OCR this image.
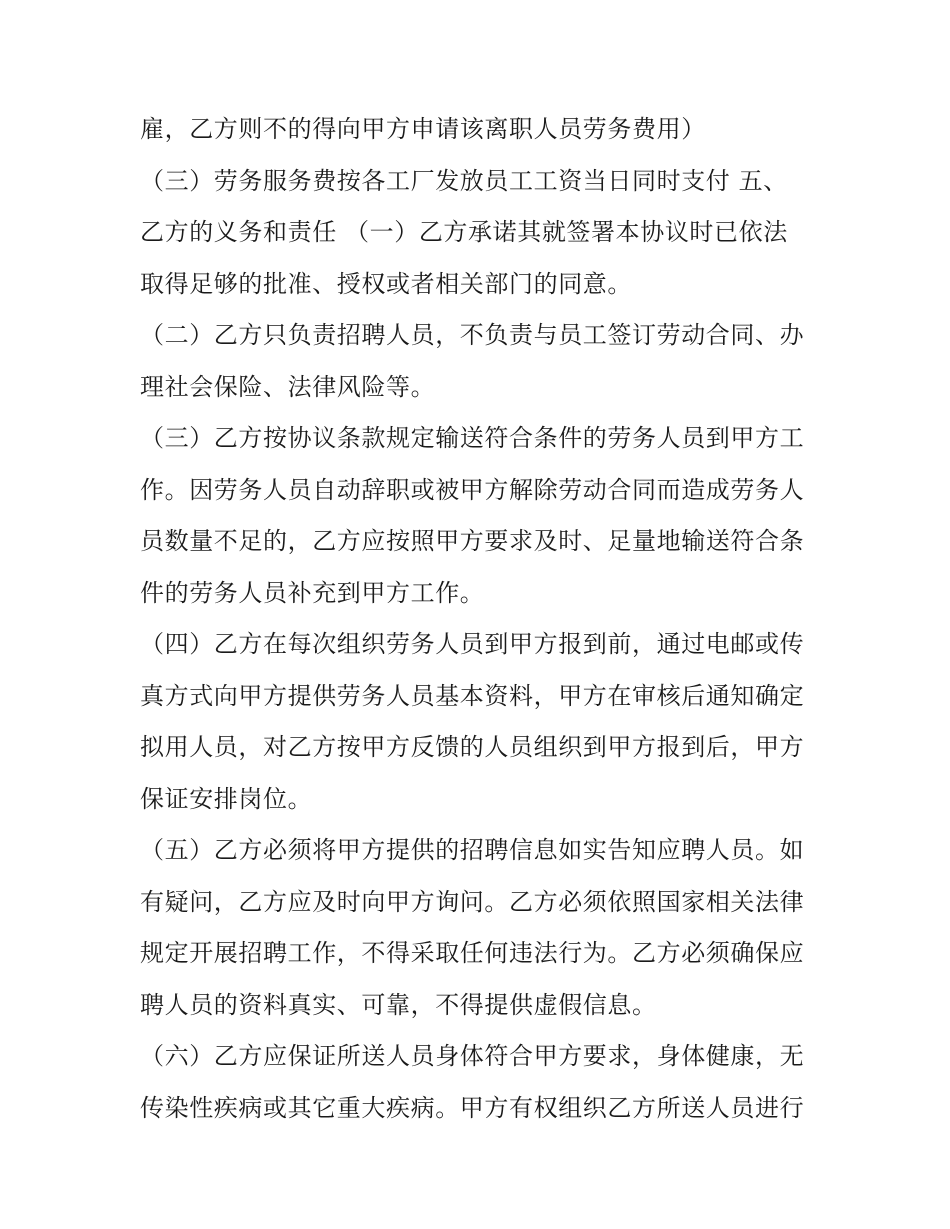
雇，乙方则不的得向甲方申请该离职人员劳务费用）
（三）劳务服务费按各工厂发放员工工资当日同时支付 五、
乙方的义务和责任 （一）乙方承诺其就签署本协议时已依法
取得足够的批准、授权或者相关部门的同意。
（二）乙方只负责招聘人员，不负责与员工签订劳动合同、办
理社会保险、法律风险等。
（三）乙方按协议条款规定输送符合条件的劳务人员到甲方工
作。因劳务人员自动辞职或被甲方解除劳动合同而造成劳务人
员数量不足的，乙方应按照甲方要求及时、足量地输送符合条
件的劳务人员补充到甲方工作。
（四）乙方在每次组织劳务人员到甲方报到前，通过电邮或传
真方式向甲方提供劳务人员基本资料，甲方在审核后通知确定
拟用人员，对乙方按甲方反馈的人员组织到甲方报到后，甲方
保证安排岗位。
（五）乙方必须将甲方提供的招聘信息如实告知应聘人员。如
有疑问，乙方应及时向甲方询问。乙方必须依照国家相关法律
规定开展招聘工作，不得采取任何违法行为。乙方必须确保应
聘人员的资料真实、可靠，不得提供虚假信息。
（六）乙方应保证所送人员身体符合甲方要求，身体健康，无
传染性疾病或其它重大疾病。甲方有权组织乙方所送人员进行
